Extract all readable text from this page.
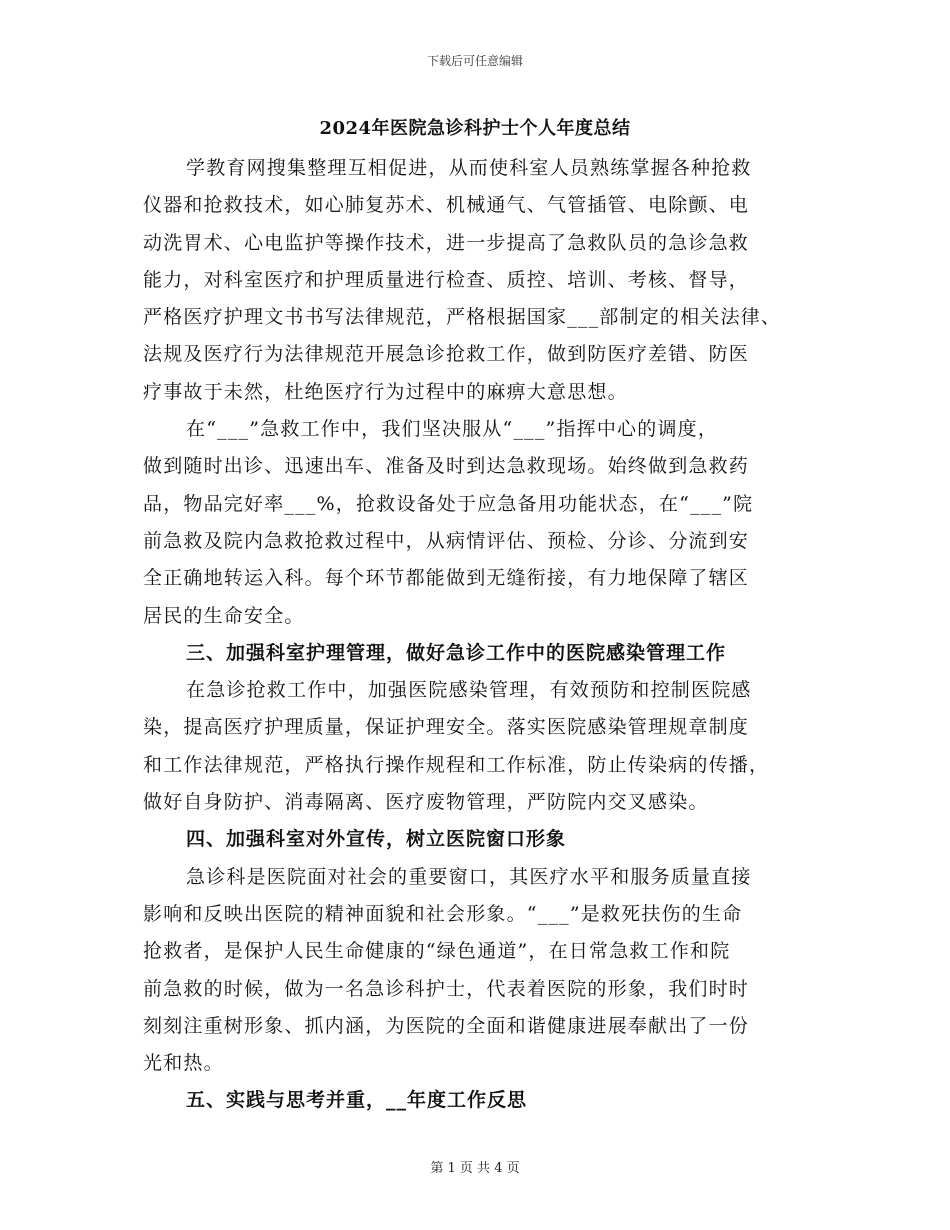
下载后可任意编辑
2024年医院急诊科护士个人年度总结
学教育网搜集整理互相促进，从而使科室人员熟练掌握各种抢救
仪器和抢救技术，如心肺复苏术、机械通气、气管插管、电除颤、电
动洗胃术、心电监护等操作技术，进一步提高了急救队员的急诊急救
能力，对科室医疗和护理质量进行检查、质控、培训、考核、督导，
严格医疗护理文书书写法律规范，严格根据国家___部制定的相关法律、
法规及医疗行为法律规范开展急诊抢救工作，做到防医疗差错、防医
疗事故于未然，杜绝医疗行为过程中的麻痹大意思想。
在“___”急救工作中，我们坚决服从“___”指挥中心的调度，
做到随时出诊、迅速出车、准备及时到达急救现场。始终做到急救药
品，物品完好率___%，抢救设备处于应急备用功能状态，在“___”院
前急救及院内急救抢救过程中，从病情评估、预检、分诊、分流到安
全正确地转运入科。每个环节都能做到无缝衔接，有力地保障了辖区
居民的生命安全。
三、加强科室护理管理，做好急诊工作中的医院感染管理工作
在急诊抢救工作中，加强医院感染管理，有效预防和控制医院感
染，提高医疗护理质量，保证护理安全。落实医院感染管理规章制度
和工作法律规范，严格执行操作规程和工作标准，防止传染病的传播，
做好自身防护、消毒隔离、医疗废物管理，严防院内交叉感染。
四、加强科室对外宣传，树立医院窗口形象
急诊科是医院面对社会的重要窗口，其医疗水平和服务质量直接
影响和反映出医院的精神面貌和社会形象。“___”是救死扶伤的生命
抢救者，是保护人民生命健康的“绿色通道”，在日常急救工作和院
前急救的时候，做为一名急诊科护士，代表着医院的形象，我们时时
刻刻注重树形象、抓内涵，为医院的全面和谐健康进展奉献出了一份
光和热。
五、实践与思考并重，__年度工作反思
第 1 页 共 4 页
